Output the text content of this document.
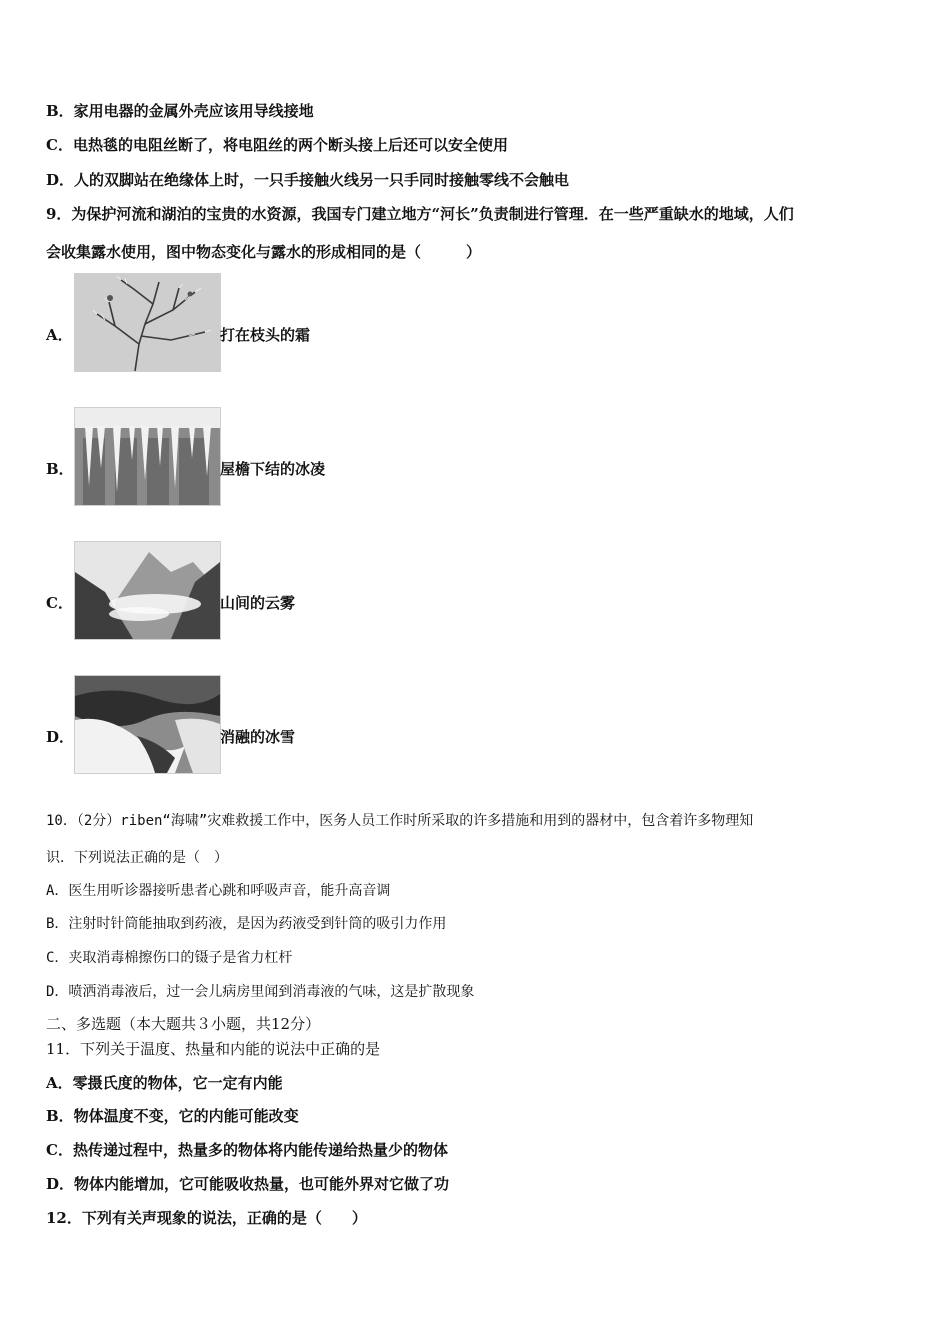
B．家用电器的金属外壳应该用导线接地
C．电热毯的电阻丝断了，将电阻丝的两个断头接上后还可以安全使用
D．人的双脚站在绝缘体上时，一只手接触火线另一只手同时接触零线不会触电
9．为保护河流和湖泊的宝贵的水资源，我国专门建立地方“河长”负责制进行管理．在一些严重缺水的地域，人们
会收集露水使用，图中物态变化与露水的形成相同的是（　　　）
A．	打在枝头的霜
B．	屋檐下结的冰凌
C．	山间的云雾
D．	消融的冰雪
10．（2分）riben“海啸”灾难救援工作中，医务人员工作时所采取的许多措施和用到的器材中，包含着许多物理知
识．下列说法正确的是（　）
A．医生用听诊器接听患者心跳和呼吸声音，能升高音调
B．注射时针筒能抽取到药液，是因为药液受到针筒的吸引力作用
C．夹取消毒棉擦伤口的镊子是省力杠杆
D．喷洒消毒液后，过一会儿病房里闻到消毒液的气味，这是扩散现象
二、多选题（本大题共３小题，共12分）
11．下列关于温度、热量和内能的说法中正确的是
A．零摄氏度的物体，它一定有内能
B．物体温度不变，它的内能可能改变
C．热传递过程中，热量多的物体将内能传递给热量少的物体
D．物体内能增加，它可能吸收热量，也可能外界对它做了功
12．下列有关声现象的说法，正确的是（　　）
